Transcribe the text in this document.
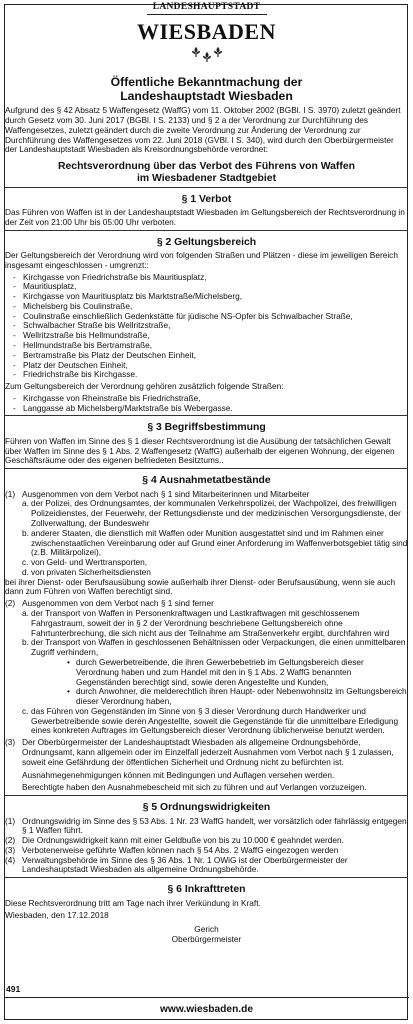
LANDESHAUPTSTADT
WIESBADEN

Öffentliche Bekanntmachung der

Landeshauptstadt Wiesbaden

Aufgrund des § 42 Absatz 5 Waffengesetz (WaffG) vom 11. Oktober 2002 (BGBl. I S. 3970) zuletzt geändert durch Gesetz vom 30. Juni 2017 (BGBl. I S. 2133) und § 2 a der Verordnung zur Durchführung des Waffengesetzes, zuletzt geändert durch die zweite Verordnung zur Änderung der Verordnung zur Durchführung des Waffengesetzes vom 22. Juni 2018 (GVBl. I S. 340), wird durch den Oberbürgermeister der Landeshauptstadt Wiesbaden als Kreisordnungsbehörde verordnet:

Rechtsverordnung über das Verbot des Führens von Waffen
im Wiesbadener Stadtgebiet
§ 1 Verbot

Das Führen von Waffen ist in der Landeshauptstadt Wiesbaden im Geltungsbereich der Rechtsverordnung in der Zeit von 21:00 Uhr bis 05:00 Uhr verboten.

§ 2 Geltungsbereich

Der Geltungsbereich der Verordnung wird von folgenden Straßen und Plätzen - diese im jeweiligen Bereich insgesamt eingeschlossen - umgrenzt::

- Kirchgasse von Friedrichstraße bis Mauritiusplatz,
- Mauritiusplatz,
- Kirchgasse von Mauritiusplatz bis Marktstraße/Michelsberg,
- Michelsberg bis Coulinstraße,
- Coulinstraße einschließlich Gedenkstätte für jüdische NS-Opfer bis Schwalbacher Straße,
- Schwalbacher Straße bis Wellritzstraße,
- Wellritzstraße bis Hellmundstraße,
- Hellmundstraße bis Bertramstraße,
- Bertramstraße bis Platz der Deutschen Einheit,
- Platz der Deutschen Einheit,
- Friedrichstraße bis Kirchgasse.

Zum Geltungsbereich der Verordnung gehören zusätzlich folgende Straßen:

- Kirchgasse von Rheinstraße bis Friedrichstraße,
- Langgasse ab Michelsberg/Marktstraße bis Webergasse.
§ 3 Begriffsbestimmung

Führen von Waffen im Sinne des § 1 dieser Rechtsverordnung ist die Ausübung der tatsächlichen Gewalt über Waffen im Sinne des § 1 Abs. 2 Waffengesetz (WaffG) außerhalb der eigenen Wohnung, der eigenen Geschäftsräume oder des eigenen befriedeten Besitztums..

§ 4 Ausnahmetatbestände
(1) Ausgenommen von dem Verbot nach § 1 sind Mitarbeiterinnen und Mitarbeiter
a. der Polizei, des Ordnungsamtes, der kommunalen Verkehrspolizei, der Wachpolizei, des freiwilligen Polizeidienstes, der Feuerwehr, der Rettungsdienste und der medizinischen Versorgungsdienste, der Zollverwaltung, der Bundeswehr
b. anderer Staaten, die dienstlich mit Waffen oder Munition ausgestattet sind und im Rahmen einer zwischenstaatlichen Vereinbarung oder auf Grund einer Anforderung im Waffenverbotsgebiet tätig sind (z.B. Militärpolizei),
c. von Geld- und Werttransporten,
d. von privaten Sicherheitsdiensten

bei ihrer Dienst- oder Berufsausübung sowie außerhalb ihrer Dienst- oder Berufsausübung, wenn sie auch dann zum Führen von Waffen berechtigt sind.

(2) Ausgenommen von dem Verbot nach § 1 sind ferner
a. der Transport von Waffen in Personenkraftwagen und Lastkraftwagen mit geschlossenem Fahrgastraum, soweit der in § 2 der Verordnung beschriebene Geltungsbereich ohne Fahrtunterbrechung, die sich nicht aus der Teilnahme am Straßenverkehr ergibt, durchfahren wird
b. der Transport von Waffen in geschlossenen Behältnissen oder Verpackungen, die einen unmittelbaren Zugriff verhindern,
• durch Gewerbetreibende, die ihren Gewerbebetrieb im Geltungsbereich dieser Verordnung haben und zum Handel mit den in § 1 Abs. 2 WaffG benannten Gegenständen berechtigt sind, sowie deren Angestellte und Kunden,
• durch Anwohner, die melderechtlich ihren Haupt- oder Nebenwohnsitz im Geltungsbereich dieser Verordnung haben,
c. das Führen von Gegenständen im Sinne von § 3 dieser Verordnung durch Handwerker und Gewerbetreibende sowie deren Angestellte, soweit die Gegenstände für die unmittelbare Erledigung eines konkreten Auftrages im Geltungsbereich dieser Verordnung üblicherweise benutzt werden.
(3) Der Oberbürgermeister der Landeshauptstadt Wiesbaden als allgemeine Ordnungsbehörde, Ordnungsamt, kann allgemein oder im Einzelfall jederzeit Ausnahmen vom Verbot nach § 1 zulassen, soweit eine Gefährdung der öffentlichen Sicherheit und Ordnung nicht zu befürchten ist.

Ausnahmegenehmigungen können mit Bedingungen und Auflagen versehen werden.

Berechtigte haben den Ausnahmebescheid mit sich zu führen und auf Verlangen vorzuzeigen.

§ 5 Ordnungswidrigkeiten
(1) Ordnungswidrig im Sinne des § 53 Abs. 1 Nr. 23 WaffG handelt, wer vorsätzlich oder fahrlässig entgegen § 1 Waffen führt.
(2) Die Ordnungswidrigkeit kann mit einer Geldbuße von bis zu 10.000 € geahndet werden.
(3) Verbotenerweise geführte Waffen können nach § 54 Abs. 2 WaffG eingezogen werden
(4) Verwaltungsbehörde im Sinne des § 36 Abs. 1 Nr. 1 OWiG ist der Oberbürgermeister der Landeshauptstadt Wiesbaden als allgemeine Ordnungsbehörde.
§ 6 Inkrafttreten

Diese Rechtsverordnung tritt am Tage nach ihrer Verkündung in Kraft.

Wiesbaden, den 17.12.2018

Gerich
Oberbürgermeister
491
www.wiesbaden.de
